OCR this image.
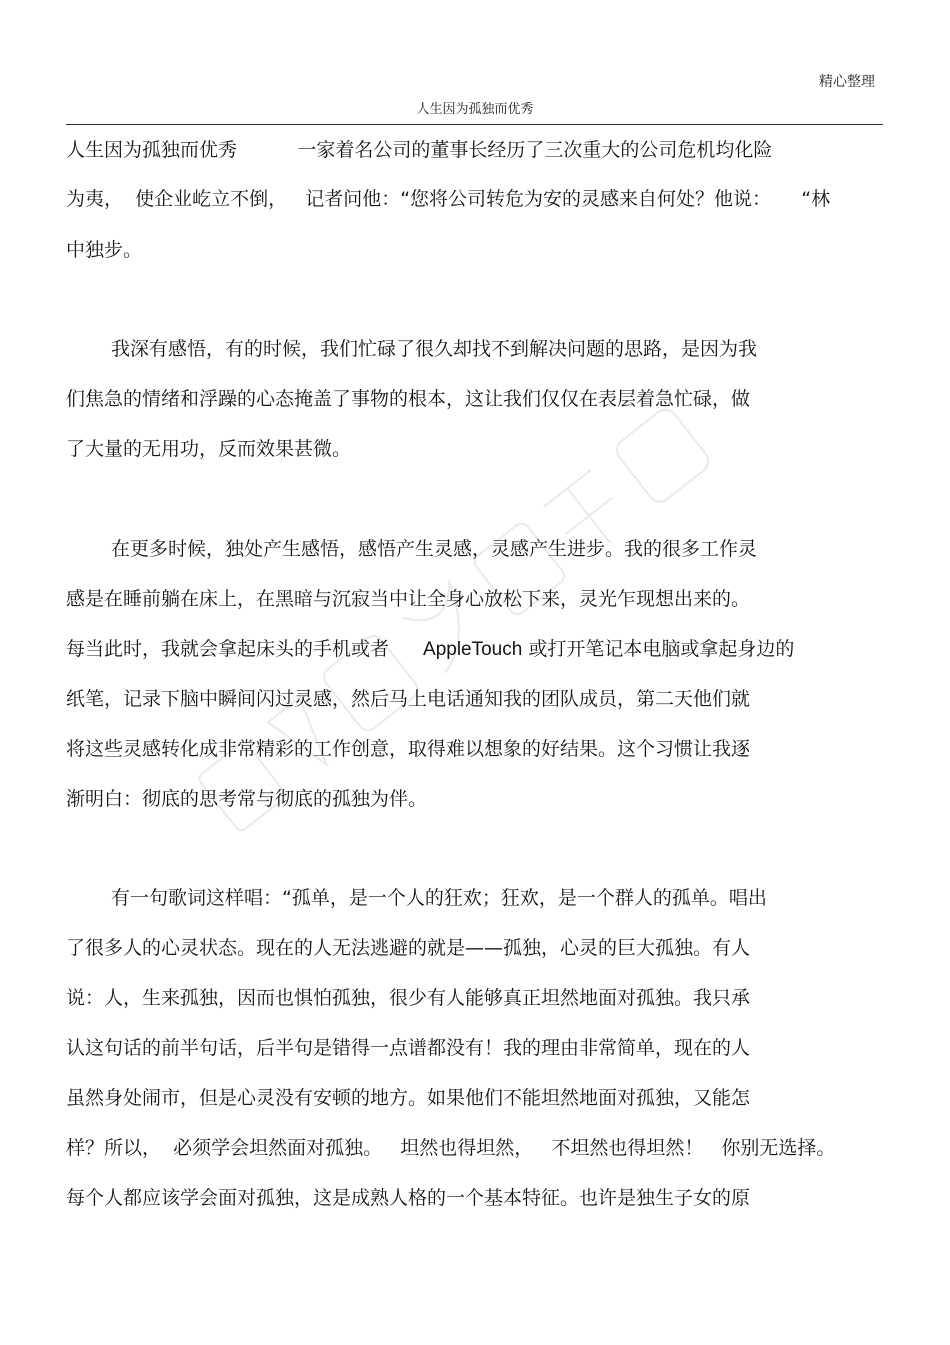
精心整理
人生因为孤独而优秀
人生因为孤独而优秀          一家着名公司的董事长经历了三次重大的公司危机均化险
为夷，  使企业屹立不倒，   记者问他：“您将公司转危为安的灵感来自何处？他说：     “林
中独步。
我深有感悟，有的时候，我们忙碌了很久却找不到解决问题的思路，是因为我
们焦急的情绪和浮躁的心态掩盖了事物的根本，这让我们仅仅在表层着急忙碌，做
了大量的无用功，反而效果甚微。
在更多时候，独处产生感悟，感悟产生灵感，灵感产生进步。我的很多工作灵
感是在睡前躺在床上，在黑暗与沉寂当中让全身心放松下来，灵光乍现想出来的。
每当此时，我就会拿起床头的手机或者 AppleTouch 或打开笔记本电脑或拿起身边的
纸笔，记录下脑中瞬间闪过灵感，然后马上电话通知我的团队成员，第二天他们就
将这些灵感转化成非常精彩的工作创意，取得难以想象的好结果。这个习惯让我逐
渐明白：彻底的思考常与彻底的孤独为伴。
有一句歌词这样唱：“孤单，是一个人的狂欢；狂欢，是一个群人的孤单。唱出
了很多人的心灵状态。现在的人无法逃避的就是——孤独，心灵的巨大孤独。有人
说：人，生来孤独，因而也惧怕孤独，很少有人能够真正坦然地面对孤独。我只承
认这句话的前半句话，后半句是错得一点谱都没有！我的理由非常简单，现在的人
虽然身处闹市，但是心灵没有安顿的地方。如果他们不能坦然地面对孤独，又能怎
样？所以，  必须学会坦然面对孤独。   坦然也得坦然，   不坦然也得坦然！   你别无选择。
每个人都应该学会面对孤独，这是成熟人格的一个基本特征。也许是独生子女的原
